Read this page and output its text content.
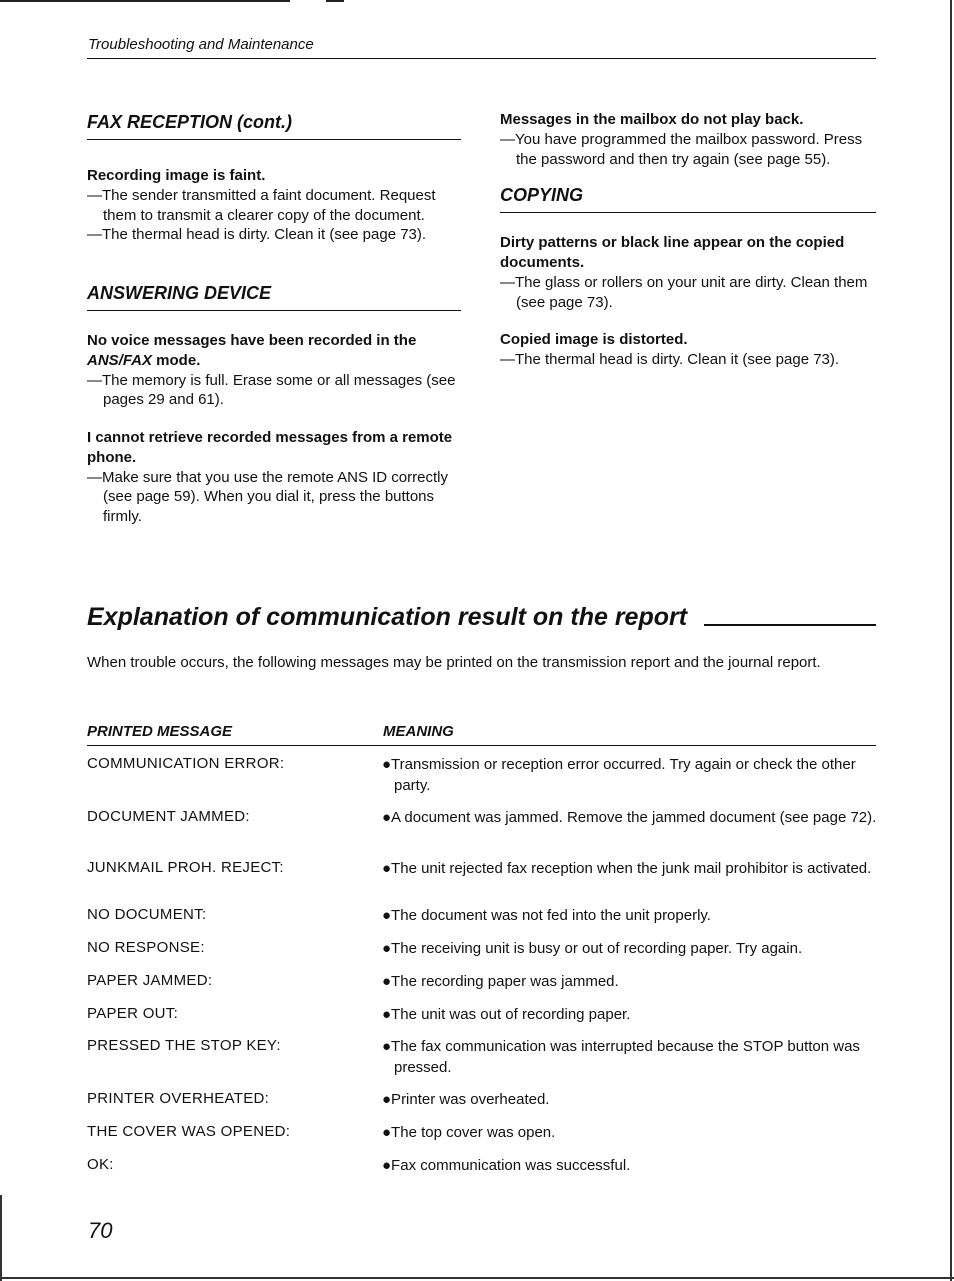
Troubleshooting and Maintenance
FAX RECEPTION (cont.)
Recording image is faint.
—The sender transmitted a faint document. Request them to transmit a clearer copy of the document.
—The thermal head is dirty. Clean it (see page 73).
ANSWERING DEVICE
No voice messages have been recorded in the
ANS/FAX mode.
—The memory is full. Erase some or all messages (see pages 29 and 61).
I cannot retrieve recorded messages from a remote phone.
—Make sure that you use the remote ANS ID correctly (see page 59). When you dial it, press the buttons firmly.
Messages in the mailbox do not play back.
—You have programmed the mailbox password. Press the password and then try again (see page 55).
COPYING
Dirty patterns or black line appear on the copied documents.
—The glass or rollers on your unit are dirty. Clean them (see page 73).
Copied image is distorted.
—The thermal head is dirty. Clean it (see page 73).
Explanation of communication result on the report
When trouble occurs, the following messages may be printed on the transmission report and the journal report.
PRINTED MESSAGE	MEANING
COMMUNICATION ERROR:	●Transmission or reception error occurred. Try again or check the other party.
DOCUMENT JAMMED:	●A document was jammed. Remove the jammed document (see page 72).
JUNKMAIL PROH. REJECT:	●The unit rejected fax reception when the junk mail prohibitor is activated.
NO DOCUMENT:	●The document was not fed into the unit properly.
NO RESPONSE:	●The receiving unit is busy or out of recording paper. Try again.
PAPER JAMMED:	●The recording paper was jammed.
PAPER OUT:	●The unit was out of recording paper.
PRESSED THE STOP KEY:	●The fax communication was interrupted because the STOP button was pressed.
PRINTER OVERHEATED:	●Printer was overheated.
THE COVER WAS OPENED:	●The top cover was open.
OK:	●Fax communication was successful.
70
